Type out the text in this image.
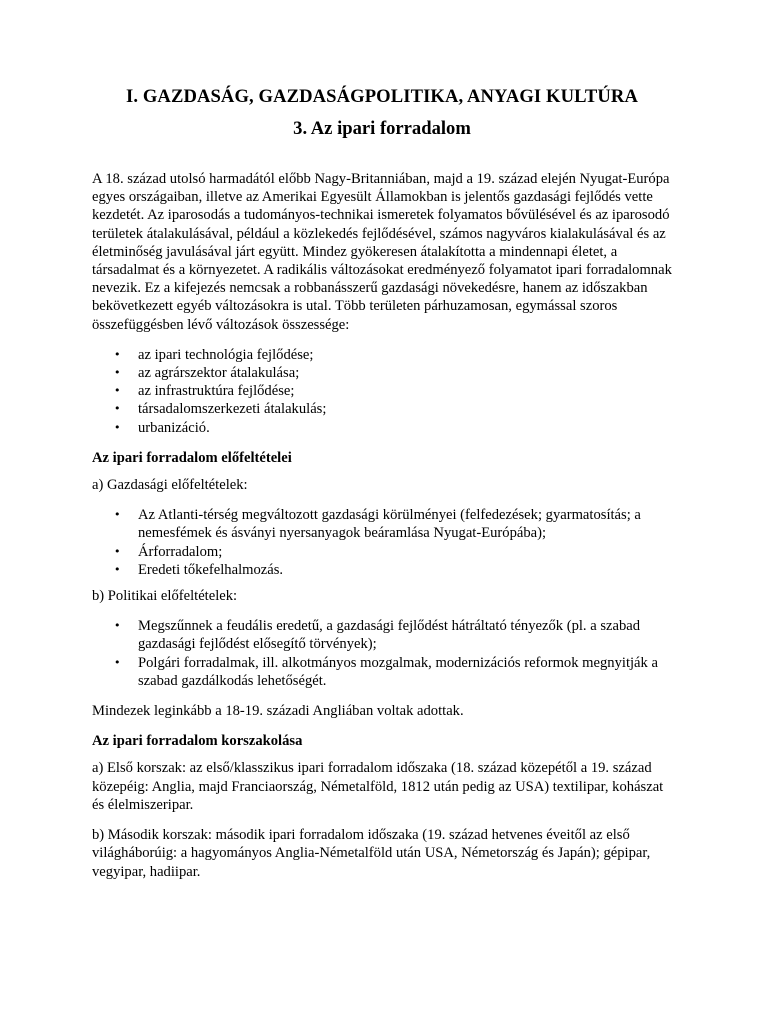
I. GAZDASÁG, GAZDASÁGPOLITIKA, ANYAGI KULTÚRA
3. Az ipari forradalom

A 18. század utolsó harmadától előbb Nagy-Britanniában, majd a 19. század elején Nyugat-Európa egyes országaiban, illetve az Amerikai Egyesült Államokban is jelentős gazdasági fejlődés vette kezdetét. Az iparosodás a tudományos-technikai ismeretek folyamatos bővülésével és az iparosodó területek átalakulásával, például a közlekedés fejlődésével, számos nagyváros kialakulásával és az életminőség javulásával járt együtt. Mindez gyökeresen átalakította a mindennapi életet, a társadalmat és a környezetet. A radikális változásokat eredményező folyamatot ipari forradalomnak nevezik. Ez a kifejezés nemcsak a robbanásszerű gazdasági növekedésre, hanem az időszakban bekövetkezett egyéb változásokra is utal. Több területen párhuzamosan, egymással szoros összefüggésben lévő változások összessége:

• az ipari technológia fejlődése;
• az agrárszektor átalakulása;
• az infrastruktúra fejlődése;
• társadalomszerkezeti átalakulás;
• urbanizáció.

Az ipari forradalom előfeltételei

a) Gazdasági előfeltételek:

• Az Atlanti-térség megváltozott gazdasági körülményei (felfedezések; gyarmatosítás; a nemesfémek és ásványi nyersanyagok beáramlása Nyugat-Európába);
• Árforradalom;
• Eredeti tőkefelhalmozás.

b) Politikai előfeltételek:

• Megszűnnek a feudális eredetű, a gazdasági fejlődést hátráltató tényezők (pl. a szabad gazdasági fejlődést elősegítő törvények);
• Polgári forradalmak, ill. alkotmányos mozgalmak, modernizációs reformok megnyitják a szabad gazdálkodás lehetőségét.

Mindezek leginkább a 18-19. századi Angliában voltak adottak.

Az ipari forradalom korszakolása

a) Első korszak: az első/klasszikus ipari forradalom időszaka (18. század közepétől a 19. század közepéig: Anglia, majd Franciaország, Németalföld, 1812 után pedig az USA) textilipar, kohászat és élelmiszeripar.

b) Második korszak: második ipari forradalom időszaka (19. század hetvenes éveitől az első világháborúig: a hagyományos Anglia-Németalföld után USA, Németország és Japán); gépipar, vegyipar, hadiipar.
